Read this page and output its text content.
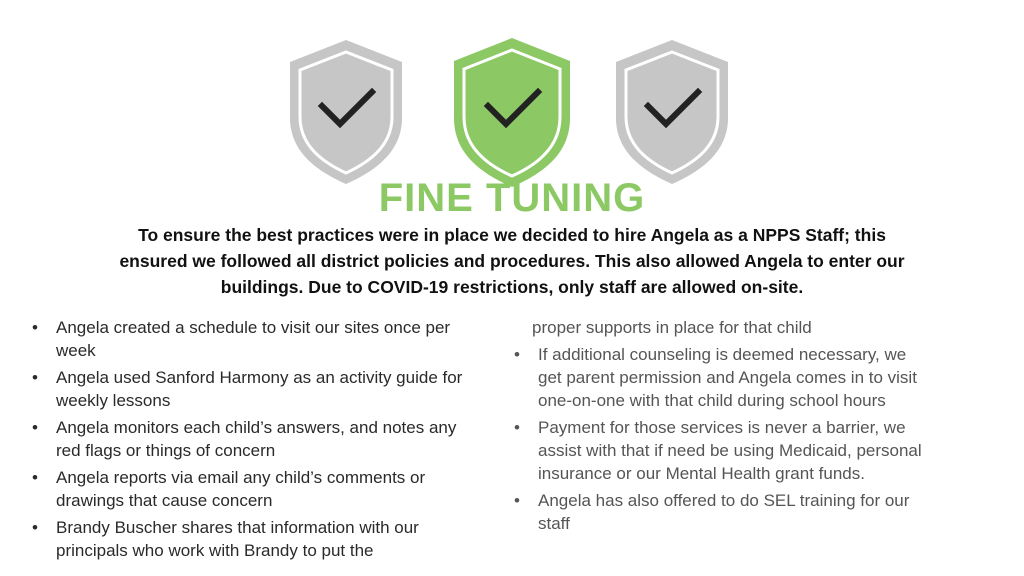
FINE TUNING

To ensure the best practices were in place we decided to hire Angela as a NPPS Staff; this ensured we followed all district policies and procedures. This also allowed Angela to enter our buildings. Due to COVID-19 restrictions, only staff are allowed on-site.

• Angela created a schedule to visit our sites once per week
• Angela used Sanford Harmony as an activity guide for weekly lessons
• Angela monitors each child’s answers, and notes any red flags or things of concern
• Angela reports via email any child’s comments or drawings that cause concern
• Brandy Buscher shares that information with our principals who work with Brandy to put the
proper supports in place for that child
• If additional counseling is deemed necessary, we get parent permission and Angela comes in to visit one-on-one with that child during school hours
• Payment for those services is never a barrier, we assist with that if need be using Medicaid, personal insurance or our Mental Health grant funds.
• Angela has also offered to do SEL training for our staff
